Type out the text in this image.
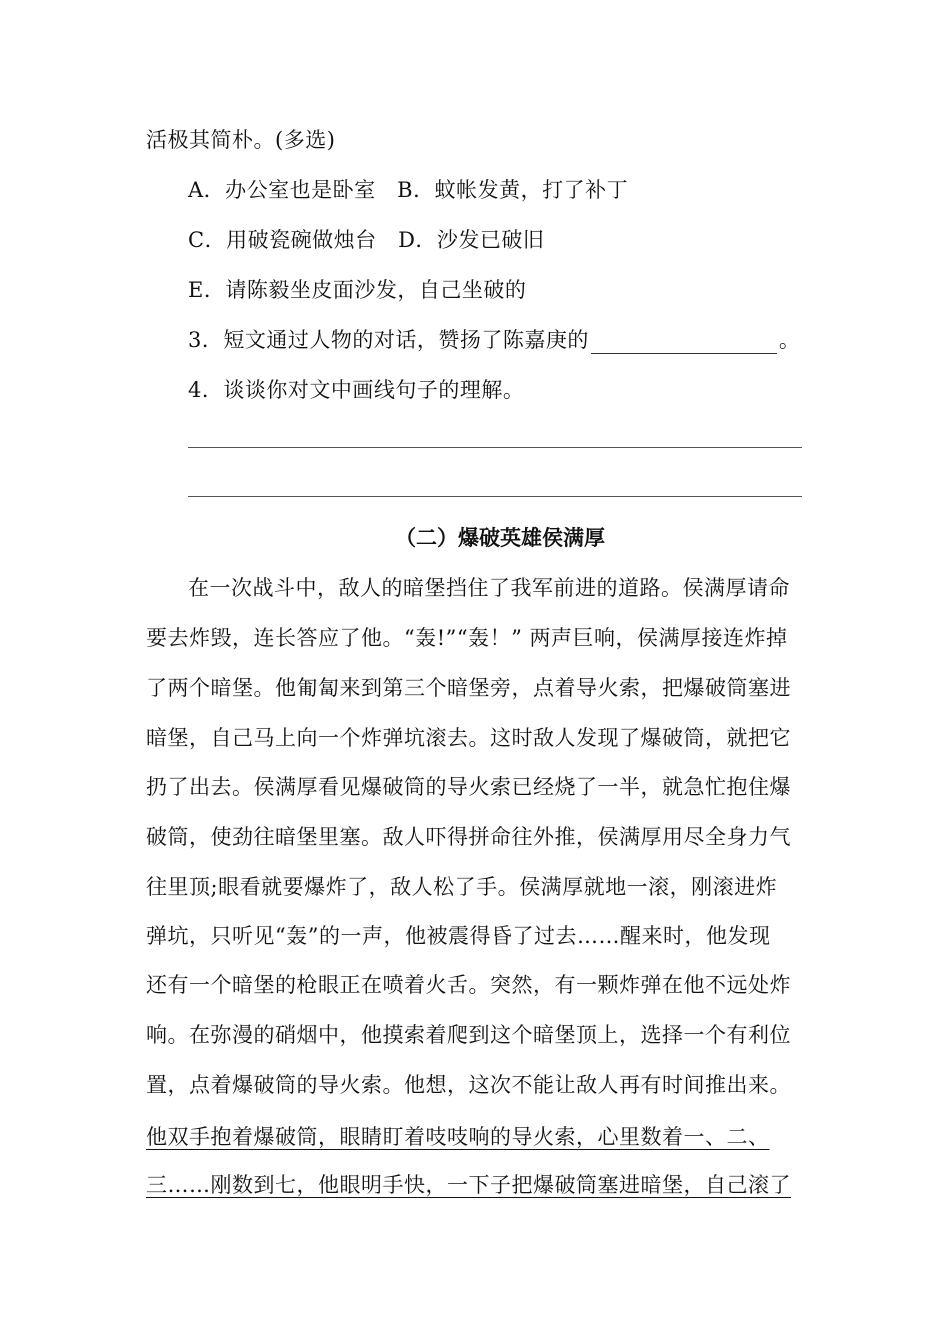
活极其简朴。(多选)
A．办公室也是卧室　B．蚊帐发黄，打了补丁
C．用破瓷碗做烛台　D．沙发已破旧
E．请陈毅坐皮面沙发，自己坐破的
3．短文通过人物的对话，赞扬了陈嘉庚的	。
4．谈谈你对文中画线句子的理解。
（二）爆破英雄侯满厚
在一次战斗中，敌人的暗堡挡住了我军前进的道路。侯满厚请命
要去炸毁，连长答应了他。“轰!”“轰！” 两声巨响，侯满厚接连炸掉
了两个暗堡。他匍匐来到第三个暗堡旁，点着导火索，把爆破筒塞进
暗堡，自己马上向一个炸弹坑滚去。这时敌人发现了爆破筒，就把它
扔了出去。侯满厚看见爆破筒的导火索已经烧了一半，就急忙抱住爆
破筒，使劲往暗堡里塞。敌人吓得拼命往外推，侯满厚用尽全身力气
往里顶;眼看就要爆炸了，敌人松了手。侯满厚就地一滚，刚滚进炸
弹坑，只听见“轰”的一声，他被震得昏了过去……醒来时，他发现
还有一个暗堡的枪眼正在喷着火舌。突然，有一颗炸弹在他不远处炸
响。在弥漫的硝烟中，他摸索着爬到这个暗堡顶上，选择一个有利位
置，点着爆破筒的导火索。他想，这次不能让敌人再有时间推出来。
他双手抱着爆破筒，眼睛盯着吱吱响的导火索，心里数着一、二、
三……刚数到七，他眼明手快，一下子把爆破筒塞进暗堡，自己滚了
